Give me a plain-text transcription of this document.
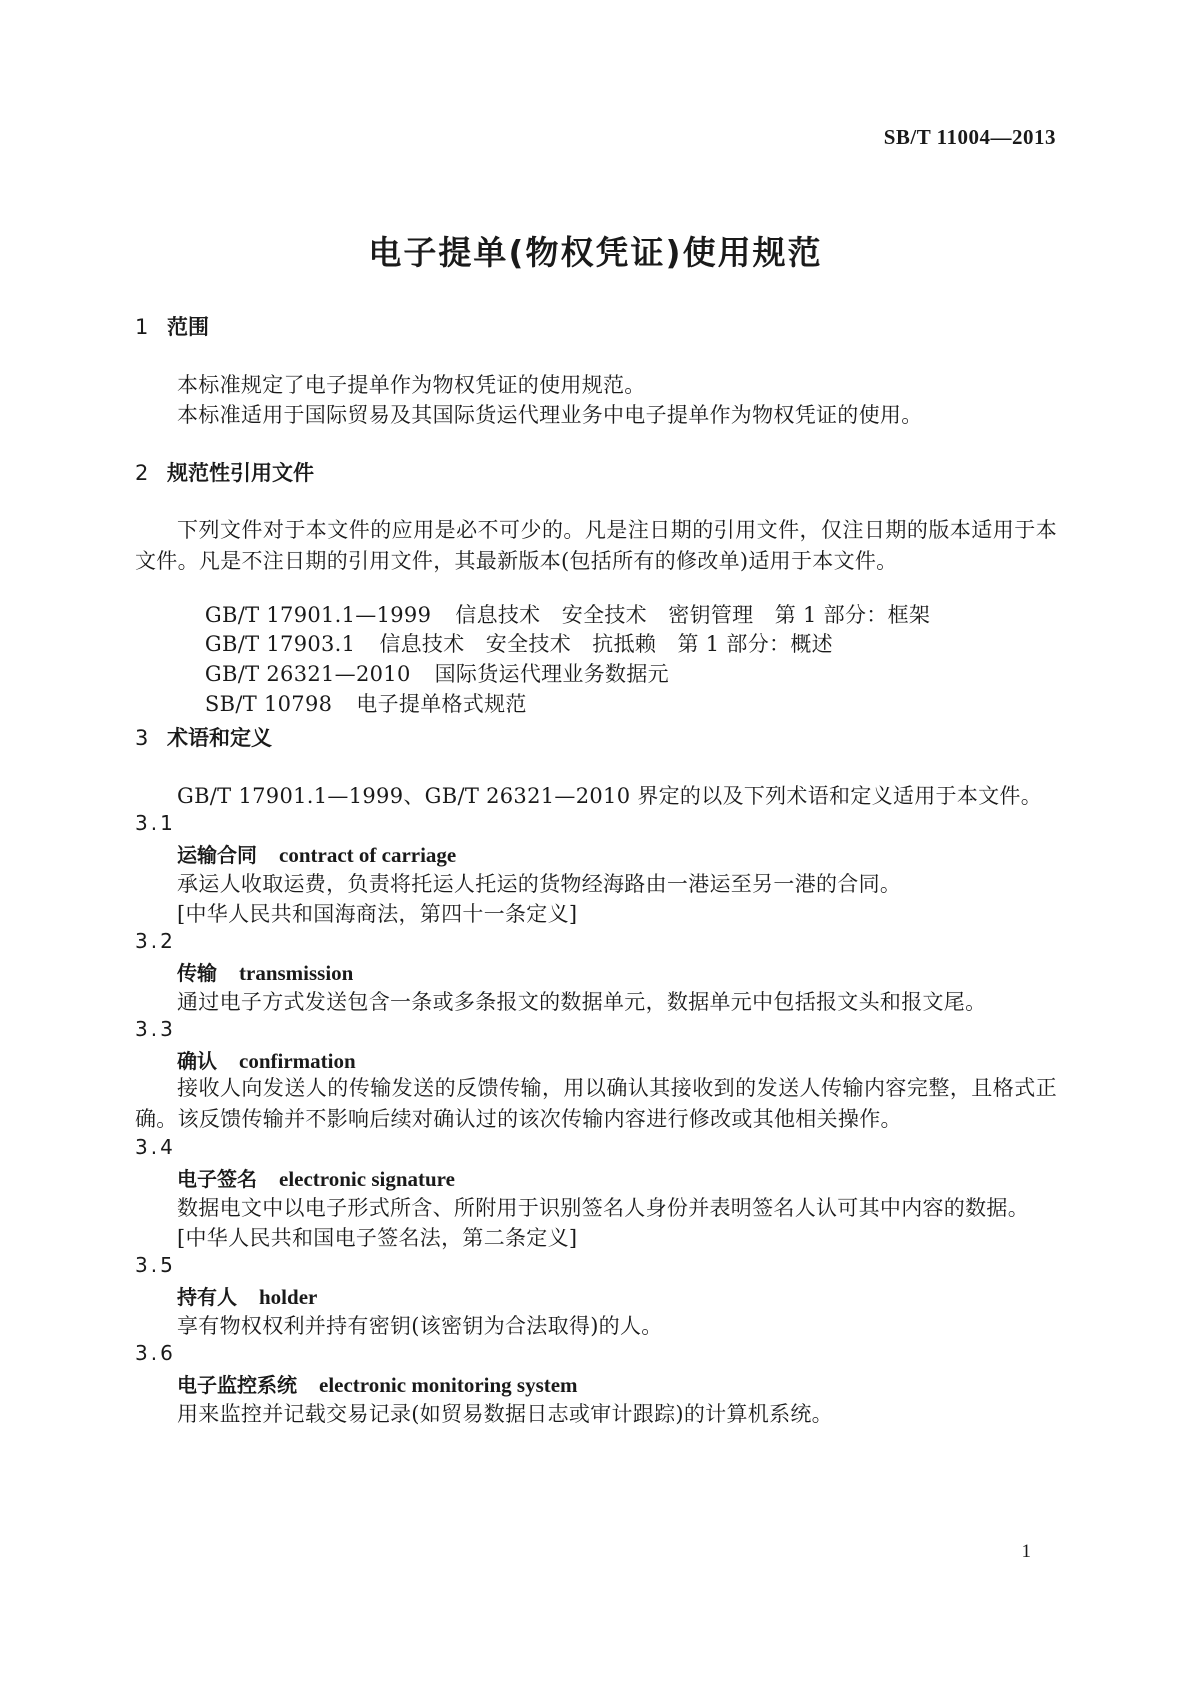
SB/T 11004—2013
电子提单(物权凭证)使用规范
1 范围
本标准规定了电子提单作为物权凭证的使用规范。
本标准适用于国际贸易及其国际货运代理业务中电子提单作为物权凭证的使用。
2 规范性引用文件

下列文件对于本文件的应用是必不可少的。凡是注日期的引用文件，仅注日期的版本适用于本文件。凡是不注日期的引用文件，其最新版本(包括所有的修改单)适用于本文件。

GB/T 17901.1—1999 信息技术　安全技术　密钥管理　第 1 部分：框架

GB/T 17903.1 信息技术　安全技术　抗抵赖　第 1 部分：概述

GB/T 26321—2010 国际货运代理业务数据元

SB/T 10798 电子提单格式规范

3 术语和定义
GB/T 17901.1—1999、GB/T 26321—2010 界定的以及下列术语和定义适用于本文件。
3.1
运输合同 contract of carriage
承运人收取运费，负责将托运人托运的货物经海路由一港运至另一港的合同。
[中华人民共和国海商法，第四十一条定义]
3.2
传输 transmission
通过电子方式发送包含一条或多条报文的数据单元，数据单元中包括报文头和报文尾。
3.3
确认 confirmation

接收人向发送人的传输发送的反馈传输，用以确认其接收到的发送人传输内容完整，且格式正确。该反馈传输并不影响后续对确认过的该次传输内容进行修改或其他相关操作。

3.4
电子签名 electronic signature
数据电文中以电子形式所含、所附用于识别签名人身份并表明签名人认可其中内容的数据。
[中华人民共和国电子签名法，第二条定义]
3.5
持有人 holder
享有物权权利并持有密钥(该密钥为合法取得)的人。
3.6
电子监控系统 electronic monitoring system
用来监控并记载交易记录(如贸易数据日志或审计跟踪)的计算机系统。
1
